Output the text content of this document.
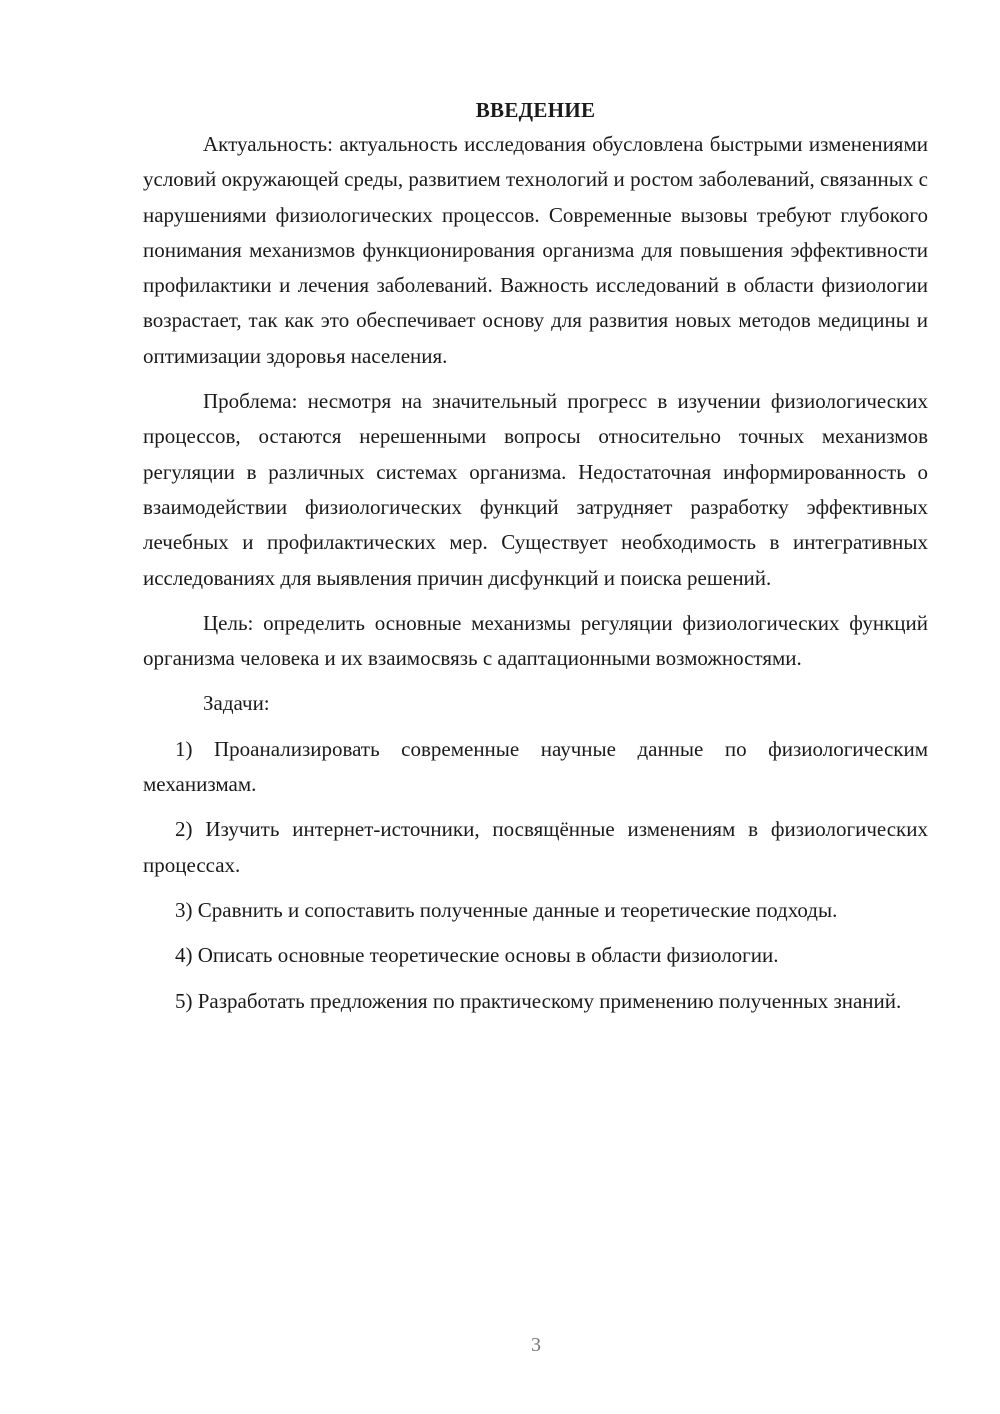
ВВЕДЕНИЕ

Актуальность: актуальность исследования обусловлена быстрыми изменениями условий окружающей среды, развитием технологий и ростом заболеваний, связанных с нарушениями физиологических процессов. Современные вызовы требуют глубокого понимания механизмов функционирования организма для повышения эффективности профилактики и лечения заболеваний. Важность исследований в области физиологии возрастает, так как это обеспечивает основу для развития новых методов медицины и оптимизации здоровья населения.

Проблема: несмотря на значительный прогресс в изучении физиологических процессов, остаются нерешенными вопросы относительно точных механизмов регуляции в различных системах организма. Недостаточная информированность о взаимодействии физиологических функций затрудняет разработку эффективных лечебных и профилактических мер. Существует необходимость в интегративных исследованиях для выявления причин дисфункций и поиска решений.

Цель: определить основные механизмы регуляции физиологических функций организма человека и их взаимосвязь с адаптационными возможностями.

Задачи:

1) Проанализировать современные научные данные по физиологическим механизмам.

2) Изучить интернет-источники, посвящённые изменениям в физиологических процессах.

3) Сравнить и сопоставить полученные данные и теоретические подходы.

4) Описать основные теоретические основы в области физиологии.

5) Разработать предложения по практическому применению полученных знаний.

3
